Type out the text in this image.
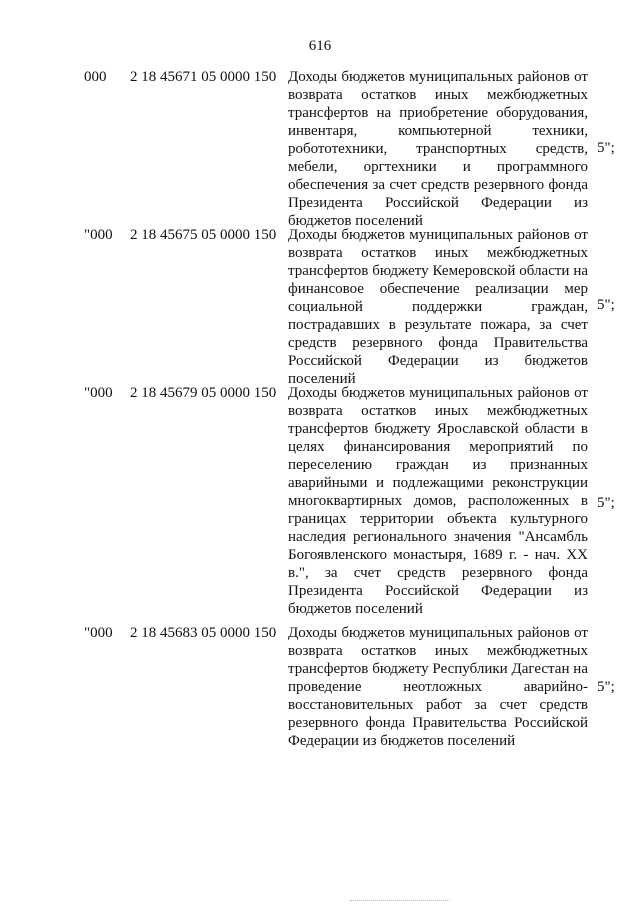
616
000 2 18 45671 05 0000 150 Доходы бюджетов муниципальных районов от возврата остатков иных межбюджетных трансфертов на приобретение оборудования, инвентаря, компьютерной техники, робототехники, транспортных средств, мебели, оргтехники и программного обеспечения за счет средств резервного фонда Президента Российской Федерации из бюджетов поселений
5";
"000 2 18 45675 05 0000 150 Доходы бюджетов муниципальных районов от возврата остатков иных межбюджетных трансфертов бюджету Кемеровской области на финансовое обеспечение реализации мер социальной поддержки граждан, пострадавших в результате пожара, за счет средств резервного фонда Правительства Российской Федерации из бюджетов поселений
5";
"000 2 18 45679 05 0000 150 Доходы бюджетов муниципальных районов от возврата остатков иных межбюджетных трансфертов бюджету Ярославской области в целях финансирования мероприятий по переселению граждан из признанных аварийными и подлежащими реконструкции многоквартирных домов, расположенных в границах территории объекта культурного наследия регионального значения "Ансамбль Богоявленского монастыря, 1689 г. - нач. XX в.", за счет средств резервного фонда Президента Российской Федерации из бюджетов поселений
5";
"000 2 18 45683 05 0000 150 Доходы бюджетов муниципальных районов от возврата остатков иных межбюджетных трансфертов бюджету Республики Дагестан на проведение неотложных аварийно-восстановительных работ за счет средств резервного фонда Правительства Российской Федерации из бюджетов поселений
5";
